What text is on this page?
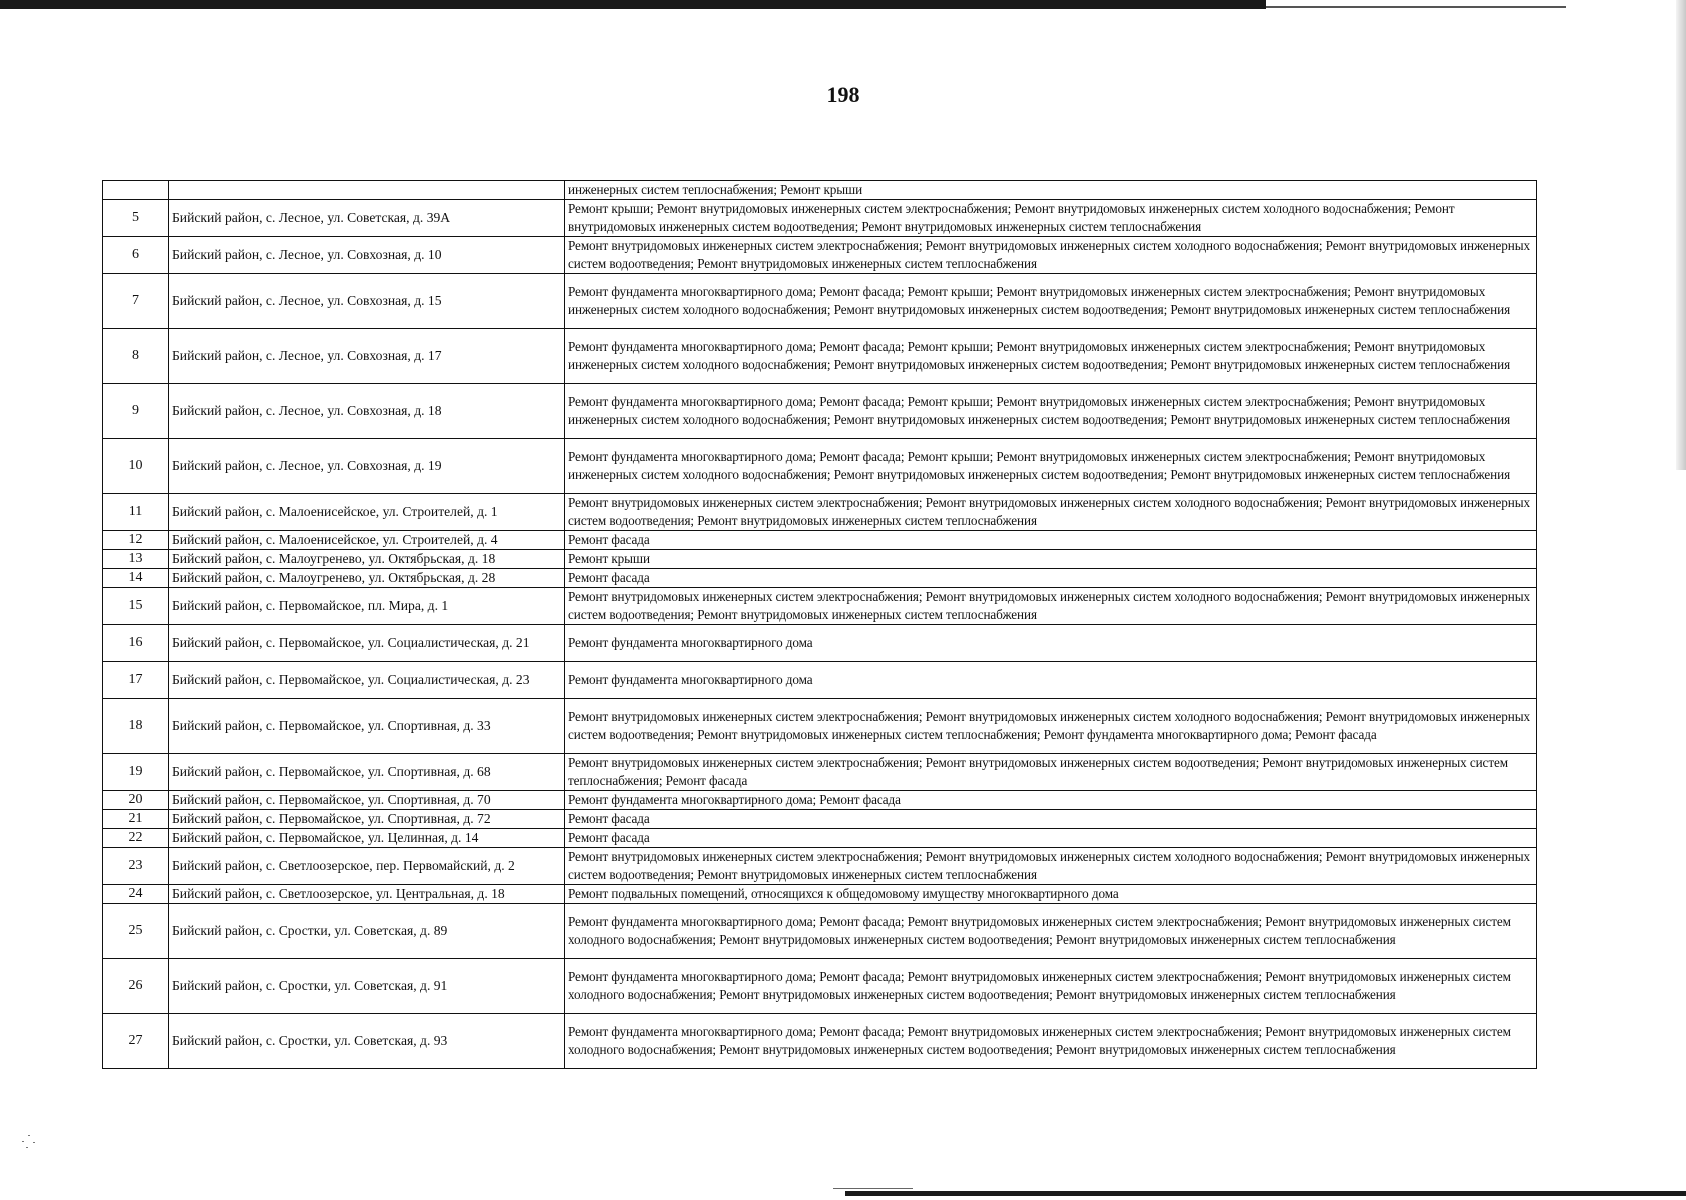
198
		инженерных систем теплоснабжения; Ремонт крыши
5	Бийский район, с. Лесное, ул. Советская, д. 39А	Ремонт крыши; Ремонт внутридомовых инженерных систем электроснабжения; Ремонт внутридомовых инженерных систем холодного водоснабжения; Ремонт внутридомовых инженерных систем водоотведения; Ремонт внутридомовых инженерных систем теплоснабжения
6	Бийский район, с. Лесное, ул. Совхозная, д. 10	Ремонт внутридомовых инженерных систем электроснабжения; Ремонт внутридомовых инженерных систем холодного водоснабжения; Ремонт внутридомовых инженерных систем водоотведения; Ремонт внутридомовых инженерных систем теплоснабжения
7	Бийский район, с. Лесное, ул. Совхозная, д. 15	Ремонт фундамента многоквартирного дома; Ремонт фасада; Ремонт крыши; Ремонт внутридомовых инженерных систем электроснабжения; Ремонт внутридомовых инженерных систем холодного водоснабжения; Ремонт внутридомовых инженерных систем водоотведения; Ремонт внутридомовых инженерных систем теплоснабжения
8	Бийский район, с. Лесное, ул. Совхозная, д. 17	Ремонт фундамента многоквартирного дома; Ремонт фасада; Ремонт крыши; Ремонт внутридомовых инженерных систем электроснабжения; Ремонт внутридомовых инженерных систем холодного водоснабжения; Ремонт внутридомовых инженерных систем водоотведения; Ремонт внутридомовых инженерных систем теплоснабжения
9	Бийский район, с. Лесное, ул. Совхозная, д. 18	Ремонт фундамента многоквартирного дома; Ремонт фасада; Ремонт крыши; Ремонт внутридомовых инженерных систем электроснабжения; Ремонт внутридомовых инженерных систем холодного водоснабжения; Ремонт внутридомовых инженерных систем водоотведения; Ремонт внутридомовых инженерных систем теплоснабжения
10	Бийский район, с. Лесное, ул. Совхозная, д. 19	Ремонт фундамента многоквартирного дома; Ремонт фасада; Ремонт крыши; Ремонт внутридомовых инженерных систем электроснабжения; Ремонт внутридомовых инженерных систем холодного водоснабжения; Ремонт внутридомовых инженерных систем водоотведения; Ремонт внутридомовых инженерных систем теплоснабжения
11	Бийский район, с. Малоенисейское, ул. Строителей, д. 1	Ремонт внутридомовых инженерных систем электроснабжения; Ремонт внутридомовых инженерных систем холодного водоснабжения; Ремонт внутридомовых инженерных систем водоотведения; Ремонт внутридомовых инженерных систем теплоснабжения
12	Бийский район, с. Малоенисейское, ул. Строителей, д. 4	Ремонт фасада
13	Бийский район, с. Малоугренево, ул. Октябрьская, д. 18	Ремонт крыши
14	Бийский район, с. Малоугренево, ул. Октябрьская, д. 28	Ремонт фасада
15	Бийский район, с. Первомайское, пл. Мира, д. 1	Ремонт внутридомовых инженерных систем электроснабжения; Ремонт внутридомовых инженерных систем холодного водоснабжения; Ремонт внутридомовых инженерных систем водоотведения; Ремонт внутридомовых инженерных систем теплоснабжения
16	Бийский район, с. Первомайское, ул. Социалистическая, д. 21	Ремонт фундамента многоквартирного дома
17	Бийский район, с. Первомайское, ул. Социалистическая, д. 23	Ремонт фундамента многоквартирного дома
18	Бийский район, с. Первомайское, ул. Спортивная, д. 33	Ремонт внутридомовых инженерных систем электроснабжения; Ремонт внутридомовых инженерных систем холодного водоснабжения; Ремонт внутридомовых инженерных систем водоотведения; Ремонт внутридомовых инженерных систем теплоснабжения; Ремонт фундамента многоквартирного дома; Ремонт фасада
19	Бийский район, с. Первомайское, ул. Спортивная, д. 68	Ремонт внутридомовых инженерных систем электроснабжения; Ремонт внутридомовых инженерных систем водоотведения; Ремонт внутридомовых инженерных систем теплоснабжения; Ремонт фасада
20	Бийский район, с. Первомайское, ул. Спортивная, д. 70	Ремонт фундамента многоквартирного дома; Ремонт фасада
21	Бийский район, с. Первомайское, ул. Спортивная, д. 72	Ремонт фасада
22	Бийский район, с. Первомайское, ул. Целинная, д. 14	Ремонт фасада
23	Бийский район, с. Светлоозерское, пер. Первомайский, д. 2	Ремонт внутридомовых инженерных систем электроснабжения; Ремонт внутридомовых инженерных систем холодного водоснабжения; Ремонт внутридомовых инженерных систем водоотведения; Ремонт внутридомовых инженерных систем теплоснабжения
24	Бийский район, с. Светлоозерское, ул. Центральная, д. 18	Ремонт подвальных помещений, относящихся к общедомовому имуществу многоквартирного дома
25	Бийский район, с. Сростки, ул. Советская, д. 89	Ремонт фундамента многоквартирного дома; Ремонт фасада; Ремонт внутридомовых инженерных систем электроснабжения; Ремонт внутридомовых инженерных систем холодного водоснабжения; Ремонт внутридомовых инженерных систем водоотведения; Ремонт внутридомовых инженерных систем теплоснабжения
26	Бийский район, с. Сростки, ул. Советская, д. 91	Ремонт фундамента многоквартирного дома; Ремонт фасада; Ремонт внутридомовых инженерных систем электроснабжения; Ремонт внутридомовых инженерных систем холодного водоснабжения; Ремонт внутридомовых инженерных систем водоотведения; Ремонт внутридомовых инженерных систем теплоснабжения
27	Бийский район, с. Сростки, ул. Советская, д. 93	Ремонт фундамента многоквартирного дома; Ремонт фасада; Ремонт внутридомовых инженерных систем электроснабжения; Ремонт внутридомовых инженерных систем холодного водоснабжения; Ремонт внутридомовых инженерных систем водоотведения; Ремонт внутридомовых инженерных систем теплоснабжения
